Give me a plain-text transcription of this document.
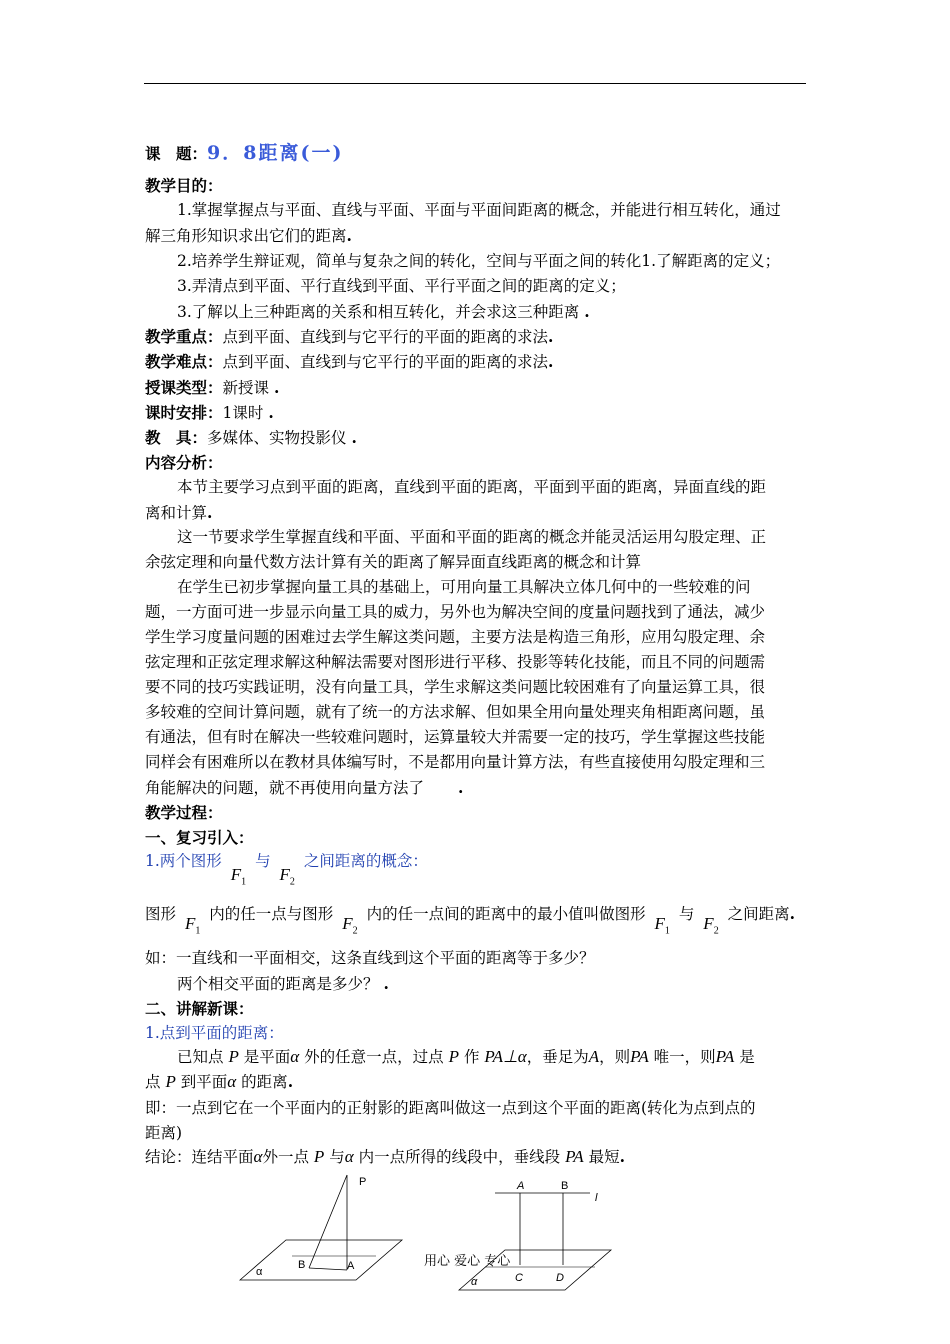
课　题：9．8距离(一)
教学目的：
1.掌握掌握点与平面、直线与平面、平面与平面间距离的概念，并能进行相互转化，通过
解三角形知识求出它们的距离.
2.培养学生辩证观，简单与复杂之间的转化，空间与平面之间的转化1.了解距离的定义；
3.弄清点到平面、平行直线到平面、平行平面之间的距离的定义；
3.了解以上三种距离的关系和相互转化，并会求这三种距离 .
教学重点：点到平面、直线到与它平行的平面的距离的求法.
教学难点：点到平面、直线到与它平行的平面的距离的求法.
授课类型：新授课 .
课时安排：1课时 .
教　具：多媒体、实物投影仪 .
内容分析：
本节主要学习点到平面的距离，直线到平面的距离，平面到平面的距离，异面直线的距
离和计算.
这一节要求学生掌握直线和平面、平面和平面的距离的概念并能灵活运用勾股定理、正
余弦定理和向量代数方法计算有关的距离了解异面直线距离的概念和计算
在学生已初步掌握向量工具的基础上，可用向量工具解决立体几何中的一些较难的问
题，一方面可进一步显示向量工具的威力，另外也为解决空间的度量问题找到了通法，减少
学生学习度量问题的困难过去学生解这类问题，主要方法是构造三角形，应用勾股定理、余
弦定理和正弦定理求解这种解法需要对图形进行平移、投影等转化技能，而且不同的问题需
要不同的技巧实践证明，没有向量工具，学生求解这类问题比较困难有了向量运算工具，很
多较难的空间计算问题，就有了统一的方法求解、但如果全用向量处理夹角相距离问题，虽
有通法，但有时在解决一些较难问题时，运算量较大并需要一定的技巧，学生掌握这些技能
同样会有困难所以在教材具体编写时，不是都用向量计算方法，有些直接使用勾股定理和三
角能解决的问题，就不再使用向量方法了 .
教学过程：
一、复习引入：
1.两个图形 $F_1$ 与 $F_2$ 之间距离的概念：
图形 $F_1$ 内的任一点与图形 $F_2$ 内的任一点间的距离中的最小值叫做图形 $F_1$ 与 $F_2$ 之间距离.
如：一直线和一平面相交，这条直线到这个平面的距离等于多少？
两个相交平面的距离是多少？ .
二、讲解新课：
1.点到平面的距离：
已知点 P 是平面α 外的任意一点，过点 P 作 PA⊥α，垂足为A，则PA 唯一，则PA 是
点 P 到平面α 的距离.
即：一点到它在一个平面内的正射影的距离叫做这一点到这个平面的距离(转化为点到点的
距离)
结论：连结平面α外一点 P 与α 内一点所得的线段中，垂线段 PA 最短.
P
B	A
α
A	B
l
C	D
α
用心 爱心 专心
